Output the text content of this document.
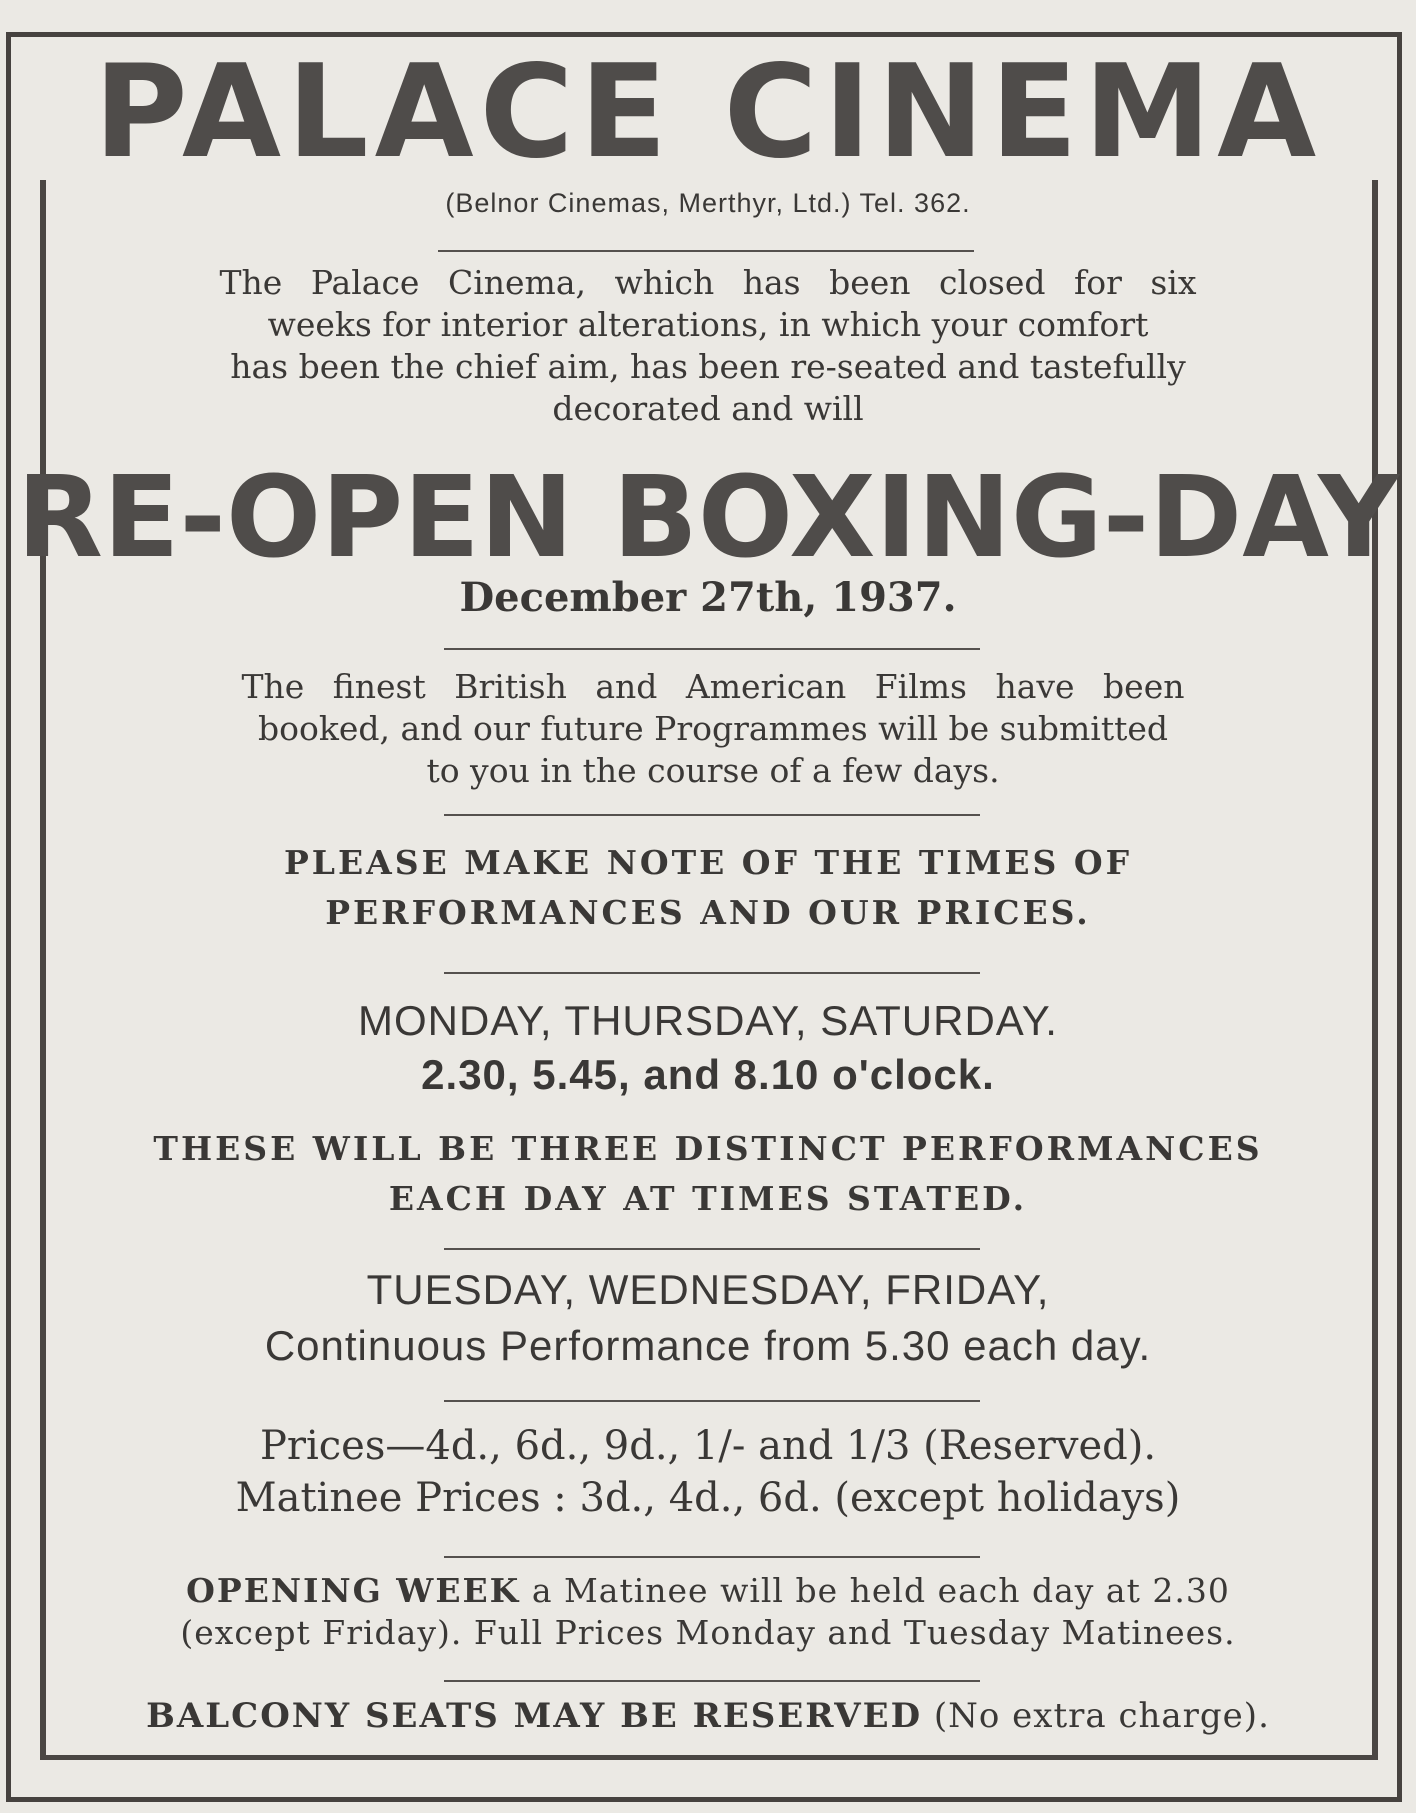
PALACE CINEMA
(Belnor Cinemas, Merthyr, Ltd.) Tel. 362.
The Palace Cinema, which has been closed for six
weeks for interior alterations, in which your comfort
has been the chief aim, has been re-seated and tastefully
decorated and will
RE-OPEN BOXING-DAY
December 27th, 1937.
The finest British and American Films have been
booked, and our future Programmes will be submitted
to you in the course of a few days.
PLEASE MAKE NOTE OF THE TIMES OF
PERFORMANCES AND OUR PRICES.
MONDAY, THURSDAY, SATURDAY.
2.30, 5.45, and 8.10 o'clock.
THESE WILL BE THREE DISTINCT PERFORMANCES
EACH DAY AT TIMES STATED.
TUESDAY, WEDNESDAY, FRIDAY,
Continuous Performance from 5.30 each day.
Prices—4d., 6d., 9d., 1/- and 1/3 (Reserved).
Matinee Prices : 3d., 4d., 6d. (except holidays)
OPENING WEEK a Matinee will be held each day at 2.30
(except Friday). Full Prices Monday and Tuesday Matinees.
BALCONY SEATS MAY BE RESERVED (No extra charge).
